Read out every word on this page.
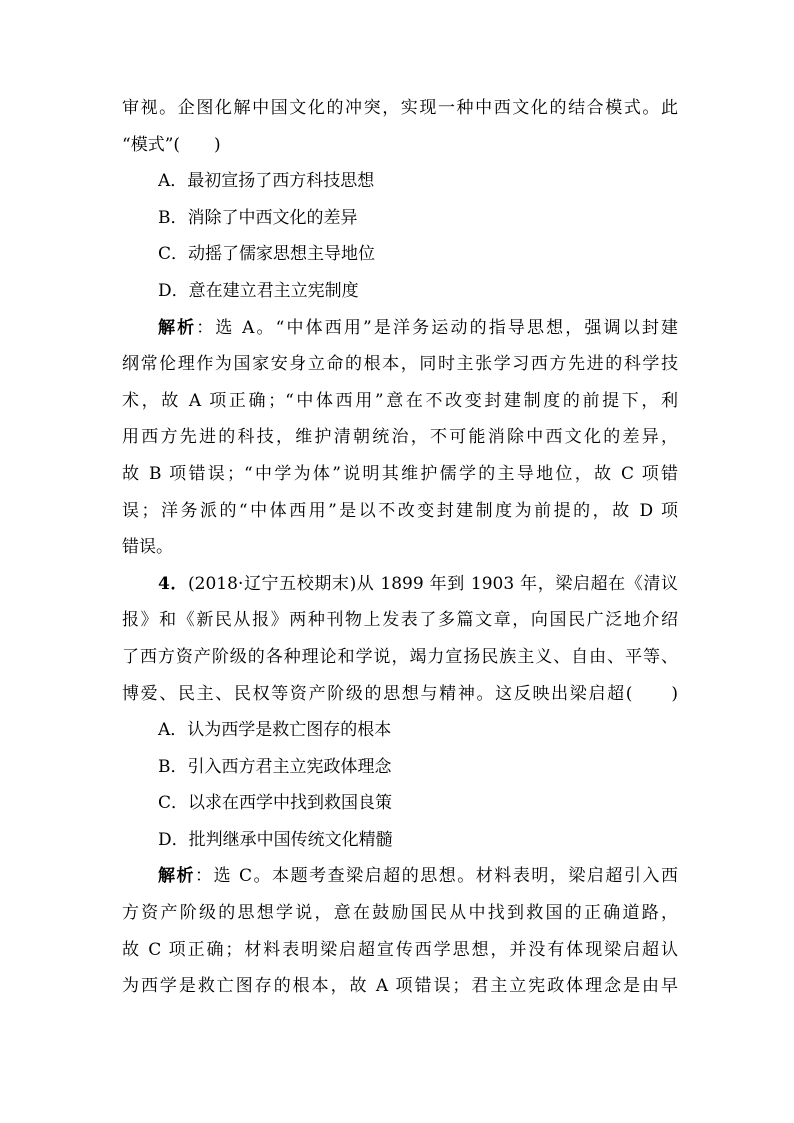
审视。企图化解中国文化的冲突，实现一种中西文化的结合模式。此
“模式”(　　)
A．最初宣扬了西方科技思想
B．消除了中西文化的差异
C．动摇了儒家思想主导地位
D．意在建立君主立宪制度
解析：选 A。“中体西用”是洋务运动的指导思想，强调以封建
纲常伦理作为国家安身立命的根本，同时主张学习西方先进的科学技
术，故 A 项正确；“中体西用”意在不改变封建制度的前提下，利
用西方先进的科技，维护清朝统治，不可能消除中西文化的差异，
故 B 项错误；“中学为体”说明其维护儒学的主导地位，故 C 项错
误；洋务派的“中体西用”是以不改变封建制度为前提的，故 D 项
错误。
4．(2018·辽宁五校期末)从 1899 年到 1903 年，梁启超在《清议
报》和《新民从报》两种刊物上发表了多篇文章，向国民广泛地介绍
了西方资产阶级的各种理论和学说，竭力宣扬民族主义、自由、平等、
博爱、民主、民权等资产阶级的思想与精神。这反映出梁启超(　　)
A．认为西学是救亡图存的根本
B．引入西方君主立宪政体理念
C．以求在西学中找到救国良策
D．批判继承中国传统文化精髓
解析：选 C。本题考查梁启超的思想。材料表明，梁启超引入西
方资产阶级的思想学说，意在鼓励国民从中找到救国的正确道路，
故 C 项正确；材料表明梁启超宣传西学思想，并没有体现梁启超认
为西学是救亡图存的根本，故 A 项错误；君主立宪政体理念是由早
